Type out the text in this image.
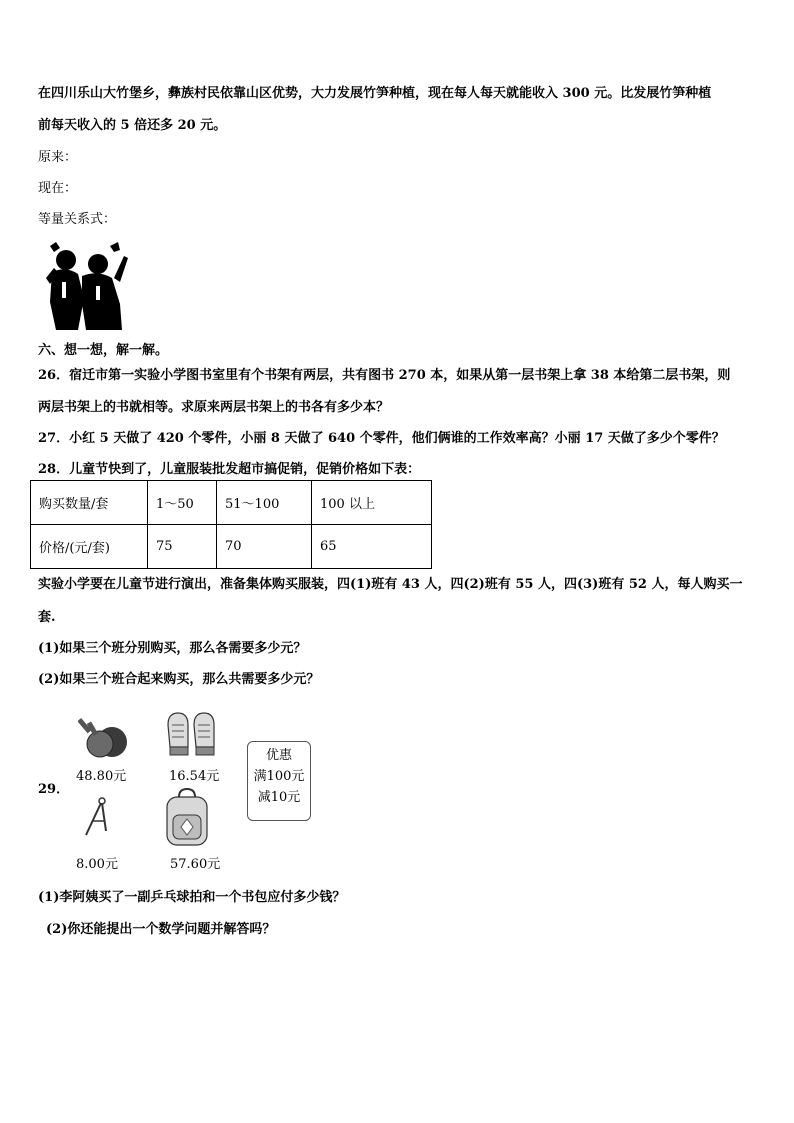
在四川乐山大竹堡乡，彝族村民依靠山区优势，大力发展竹笋种植，现在每人每天就能收入 300 元。比发展竹笋种植
前每天收入的 5 倍还多 20 元。
原来：
现在：
等量关系式：
六、想一想，解一解。
26．宿迁市第一实验小学图书室里有个书架有两层，共有图书 270 本，如果从第一层书架上拿 38 本给第二层书架，则
两层书架上的书就相等。求原来两层书架上的书各有多少本？
27．小红 5 天做了 420 个零件，小丽 8 天做了 640 个零件，他们俩谁的工作效率高？小丽 17 天做了多少个零件？
28．儿童节快到了，儿童服装批发超市搞促销，促销价格如下表：
购买数量/套	1～50	51～100	100 以上
价格/(元/套)	75	70	65
实验小学要在儿童节进行演出，准备集体购买服装，四(1)班有 43 人，四(2)班有 55 人，四(3)班有 52 人，每人购买一
套.
(1)如果三个班分别购买，那么各需要多少元？
(2)如果三个班合起来购买，那么共需要多少元？
29．
48.80元	16.54元
8.00元	57.60元
优惠
满100元
减10元
(1)李阿姨买了一副乒乓球拍和一个书包应付多少钱？
(2)你还能提出一个数学问题并解答吗？
